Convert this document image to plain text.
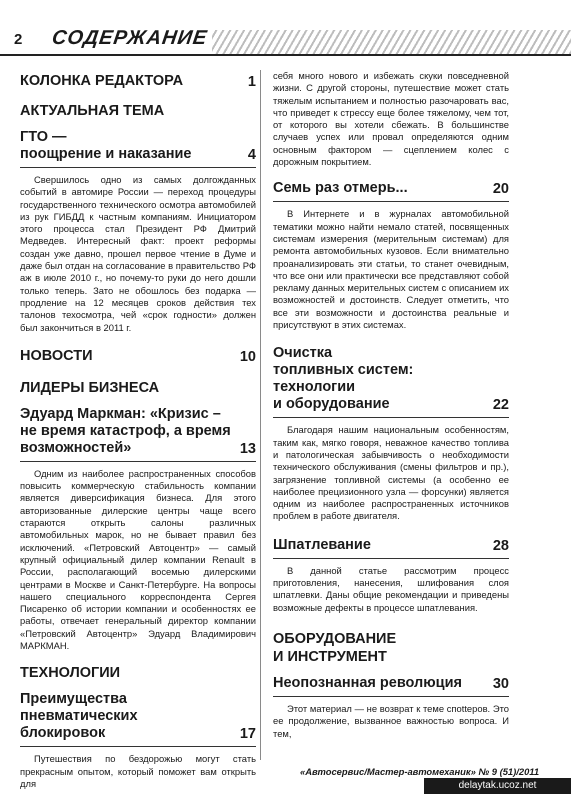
2 СОДЕРЖАНИЕ
КОЛОНКА РЕДАКТОРА	1
АКТУАЛЬНАЯ ТЕМА
ГТО —
поощрение и наказание	4

Свершилось одно из самых долгожданных событий в автомире России — переход процедуры государственного технического осмотра автомобилей из рук ГИБДД к частным компаниям. Инициатором этого процесса стал Президент РФ Дмитрий Медведев. Интересный факт: проект реформы создан уже давно, прошел первое чтение в Думе и даже был отдан на согласование в правительство РФ аж в июле 2010 г., но почему-то руки до него дошли только теперь. Зато не обошлось без подарка — продление на 12 месяцев сроков действия тех талонов техосмотра, чей «срок годности» должен был закончиться в 2011 г.

НОВОСТИ	10
ЛИДЕРЫ БИЗНЕСА
Эдуард Маркман: «Кризис –
не время катастроф, а время
возможностей»	13

Одним из наиболее распространенных способов повысить коммерческую стабильность компании является диверсификация бизнеса. Для этого авторизованные дилерские центры чаще всего стараются открыть салоны различных автомобильных марок, но не бывает правил без исключений. «Петровский Автоцентр» — самый крупный официальный дилер компании Renault в России, располагающий восемью дилерскими центрами в Москве и Санкт-Петербурге. На вопросы нашего специального корреспондента Сергея Писаренко об истории компании и особенностях ее работы, отвечает генеральный директор компании «Петровский Автоцентр» Эдуард Владимирович МАРКМАН.

ТЕХНОЛОГИИ
Преимущества
пневматических
блокировок	17

Путешествия по бездорожью могут стать прекрасным опытом, который поможет вам открыть для

себя много нового и избежать скуки повседневной жизни. С другой стороны, путешествие может стать тяжелым испытанием и полностью разочаровать вас, что приведет к стрессу еще более тяжелому, чем тот, от которого вы хотели сбежать. В большинстве случаев успех или провал определяются одним основным фактором — сцеплением колес с дорожным покрытием.

Семь раз отмерь...	20

В Интернете и в журналах автомобильной тематики можно найти немало статей, посвященных системам измерения (мерительным системам) для ремонта автомобильных кузовов. Если внимательно проанализировать эти статьи, то станет очевидным, что все они или практически все представляют собой рекламу данных мерительных систем с описанием их возможностей и достоинств. Следует отметить, что все эти возможности и достоинства реальные и присутствуют в этих системах.

Очистка
топливных систем:
технологии
и оборудование	22

Благодаря нашим национальным особенностям, таким как, мягко говоря, неважное качество топлива и патологическая забывчивость о необходимости технического обслуживания (смены фильтров и пр.), загрязнение топливной системы (а особенно ее наиболее прецизионного узла — форсунки) является одним из наиболее распространенных источников проблем в работе двигателя.

Шпатлевание	28

В данной статье рассмотрим процесс приготовления, нанесения, шлифования слоя шпатлевки. Даны общие рекомендации и приведены возможные дефекты в процессе шпатлевания.

ОБОРУДОВАНИЕ
И ИНСТРУМЕНТ
Неопознанная революция 30

Этот материал — не возврат к теме спottеров. Это ее продолжение, вызванное важностью вопроса. И тем,

«Автосервис/Мастер-автомеханик» № 9 (51)/2011
delaytak.ucoz.net
